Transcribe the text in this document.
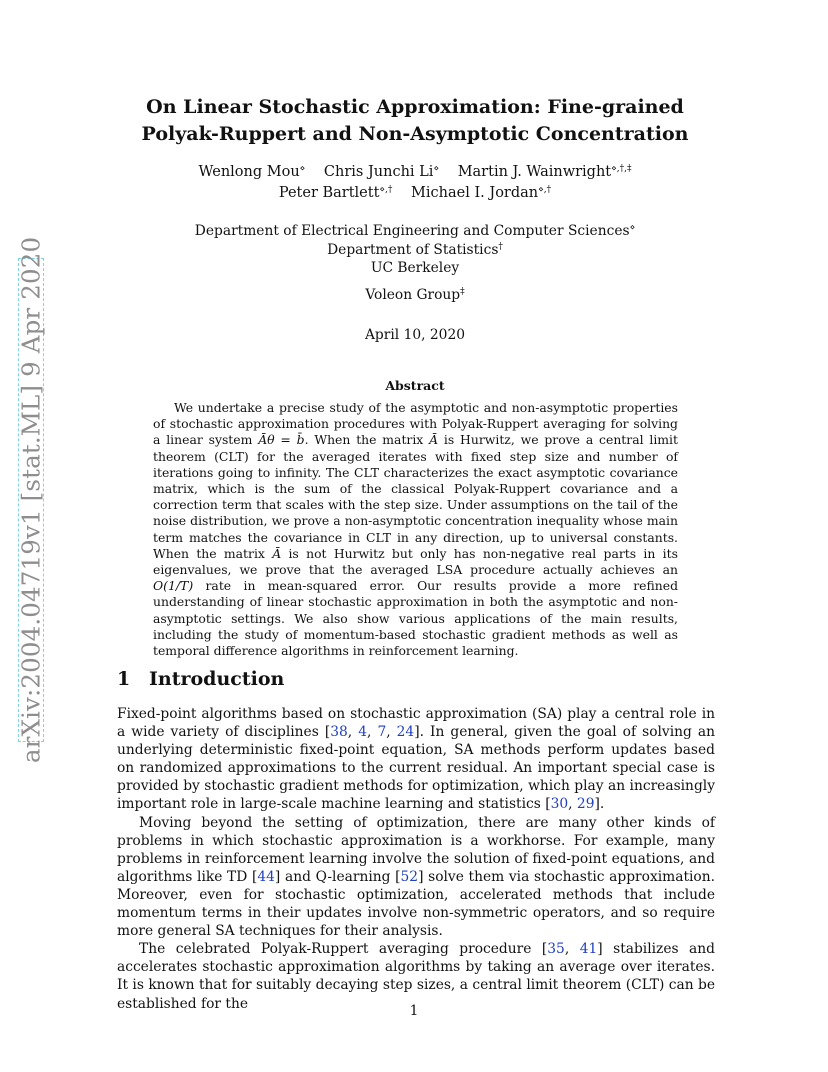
arXiv:2004.04719v1 [stat.ML] 9 Apr 2020
On Linear Stochastic Approximation: Fine-grained
Polyak-Ruppert and Non-Asymptotic Concentration
Wenlong Mou⋄ Chris Junchi Li⋄ Martin J. Wainwright⋄,†,‡
Peter Bartlett⋄,† Michael I. Jordan⋄,†
Department of Electrical Engineering and Computer Sciences⋄
Department of Statistics†
UC Berkeley
Voleon Group‡
April 10, 2020
Abstract

We undertake a precise study of the asymptotic and non-asymptotic properties of stochastic approximation procedures with Polyak-Ruppert averaging for solving a linear system Āθ = b̄. When the matrix Ā is Hurwitz, we prove a central limit theorem (CLT) for the averaged iterates with fixed step size and number of iterations going to infinity. The CLT characterizes the exact asymptotic covariance matrix, which is the sum of the classical Polyak-Ruppert covariance and a correction term that scales with the step size. Under assumptions on the tail of the noise distribution, we prove a non-asymptotic concentration inequality whose main term matches the covariance in CLT in any direction, up to universal constants. When the matrix Ā is not Hurwitz but only has non-negative real parts in its eigenvalues, we prove that the averaged LSA procedure actually achieves an O(1/T) rate in mean-squared error. Our results provide a more refined understanding of linear stochastic approximation in both the asymptotic and non-asymptotic settings. We also show various applications of the main results, including the study of momentum-based stochastic gradient methods as well as temporal difference algorithms in reinforcement learning.

1 Introduction

Fixed-point algorithms based on stochastic approximation (SA) play a central role in a wide variety of disciplines [38, 4, 7, 24]. In general, given the goal of solving an underlying deterministic fixed-point equation, SA methods perform updates based on randomized approximations to the current residual. An important special case is provided by stochastic gradient methods for optimization, which play an increasingly important role in large-scale machine learning and statistics [30, 29].

Moving beyond the setting of optimization, there are many other kinds of problems in which stochastic approximation is a workhorse. For example, many problems in reinforcement learning involve the solution of fixed-point equations, and algorithms like TD [44] and Q-learning [52] solve them via stochastic approximation. Moreover, even for stochastic optimization, accelerated methods that include momentum terms in their updates involve non-symmetric operators, and so require more general SA techniques for their analysis.

The celebrated Polyak-Ruppert averaging procedure [35, 41] stabilizes and accelerates stochastic approximation algorithms by taking an average over iterates. It is known that for suitably decaying step sizes, a central limit theorem (CLT) can be established for the	1
